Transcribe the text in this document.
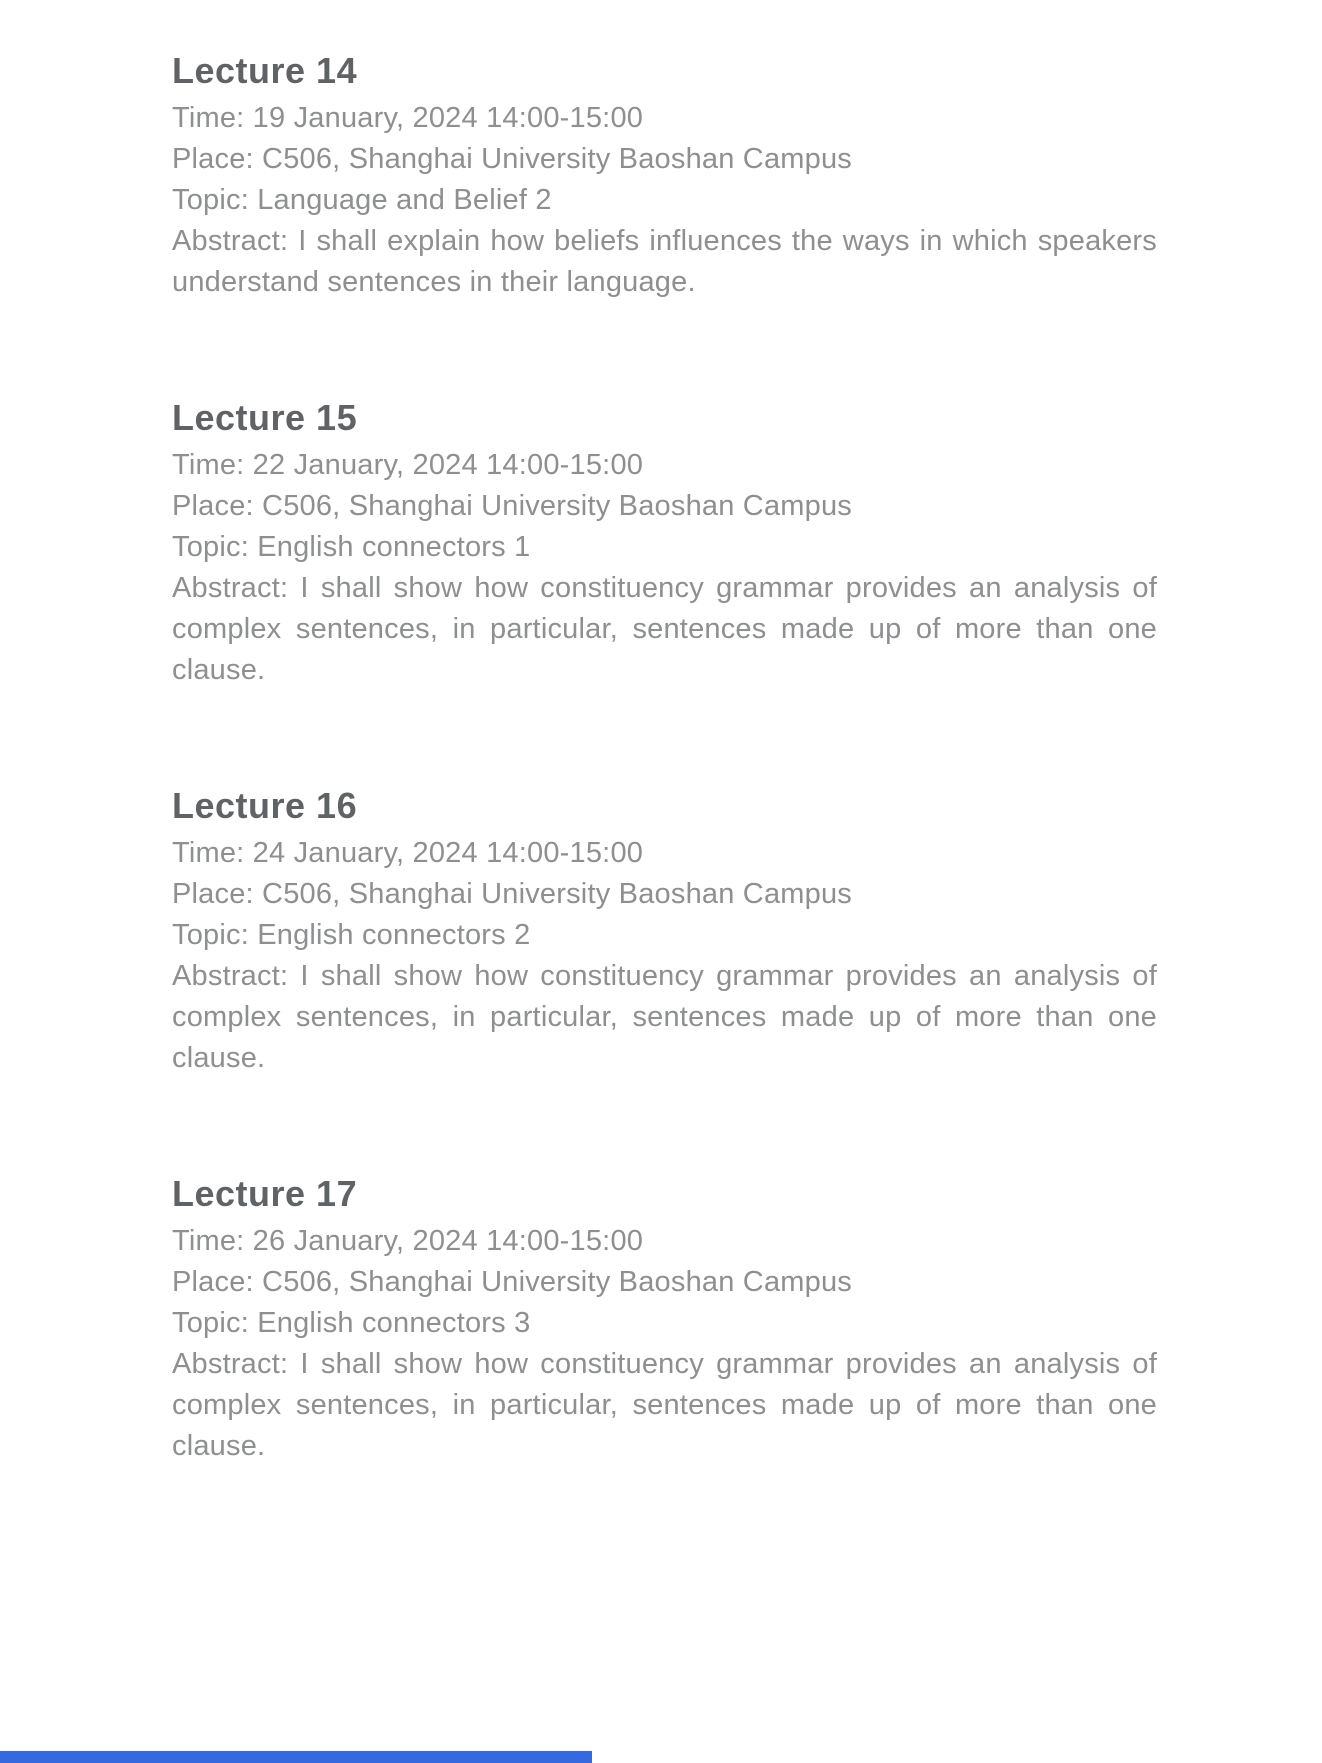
Lecture 14

Time: 19 January, 2024 14:00-15:00

Place: C506, Shanghai University Baoshan Campus

Topic: Language and Belief 2

Abstract: I shall explain how beliefs influences the ways in which speakers understand sentences in their language.

Lecture 15

Time: 22 January, 2024 14:00-15:00

Place: C506, Shanghai University Baoshan Campus

Topic: English connectors 1

Abstract: I shall show how constituency grammar provides an analysis of complex sentences, in particular, sentences made up of more than one clause.

Lecture 16

Time: 24 January, 2024 14:00-15:00

Place: C506, Shanghai University Baoshan Campus

Topic: English connectors 2

Abstract: I shall show how constituency grammar provides an analysis of complex sentences, in particular, sentences made up of more than one clause.

Lecture 17

Time: 26 January, 2024 14:00-15:00

Place: C506, Shanghai University Baoshan Campus

Topic: English connectors 3

Abstract: I shall show how constituency grammar provides an analysis of complex sentences, in particular, sentences made up of more than one clause.
